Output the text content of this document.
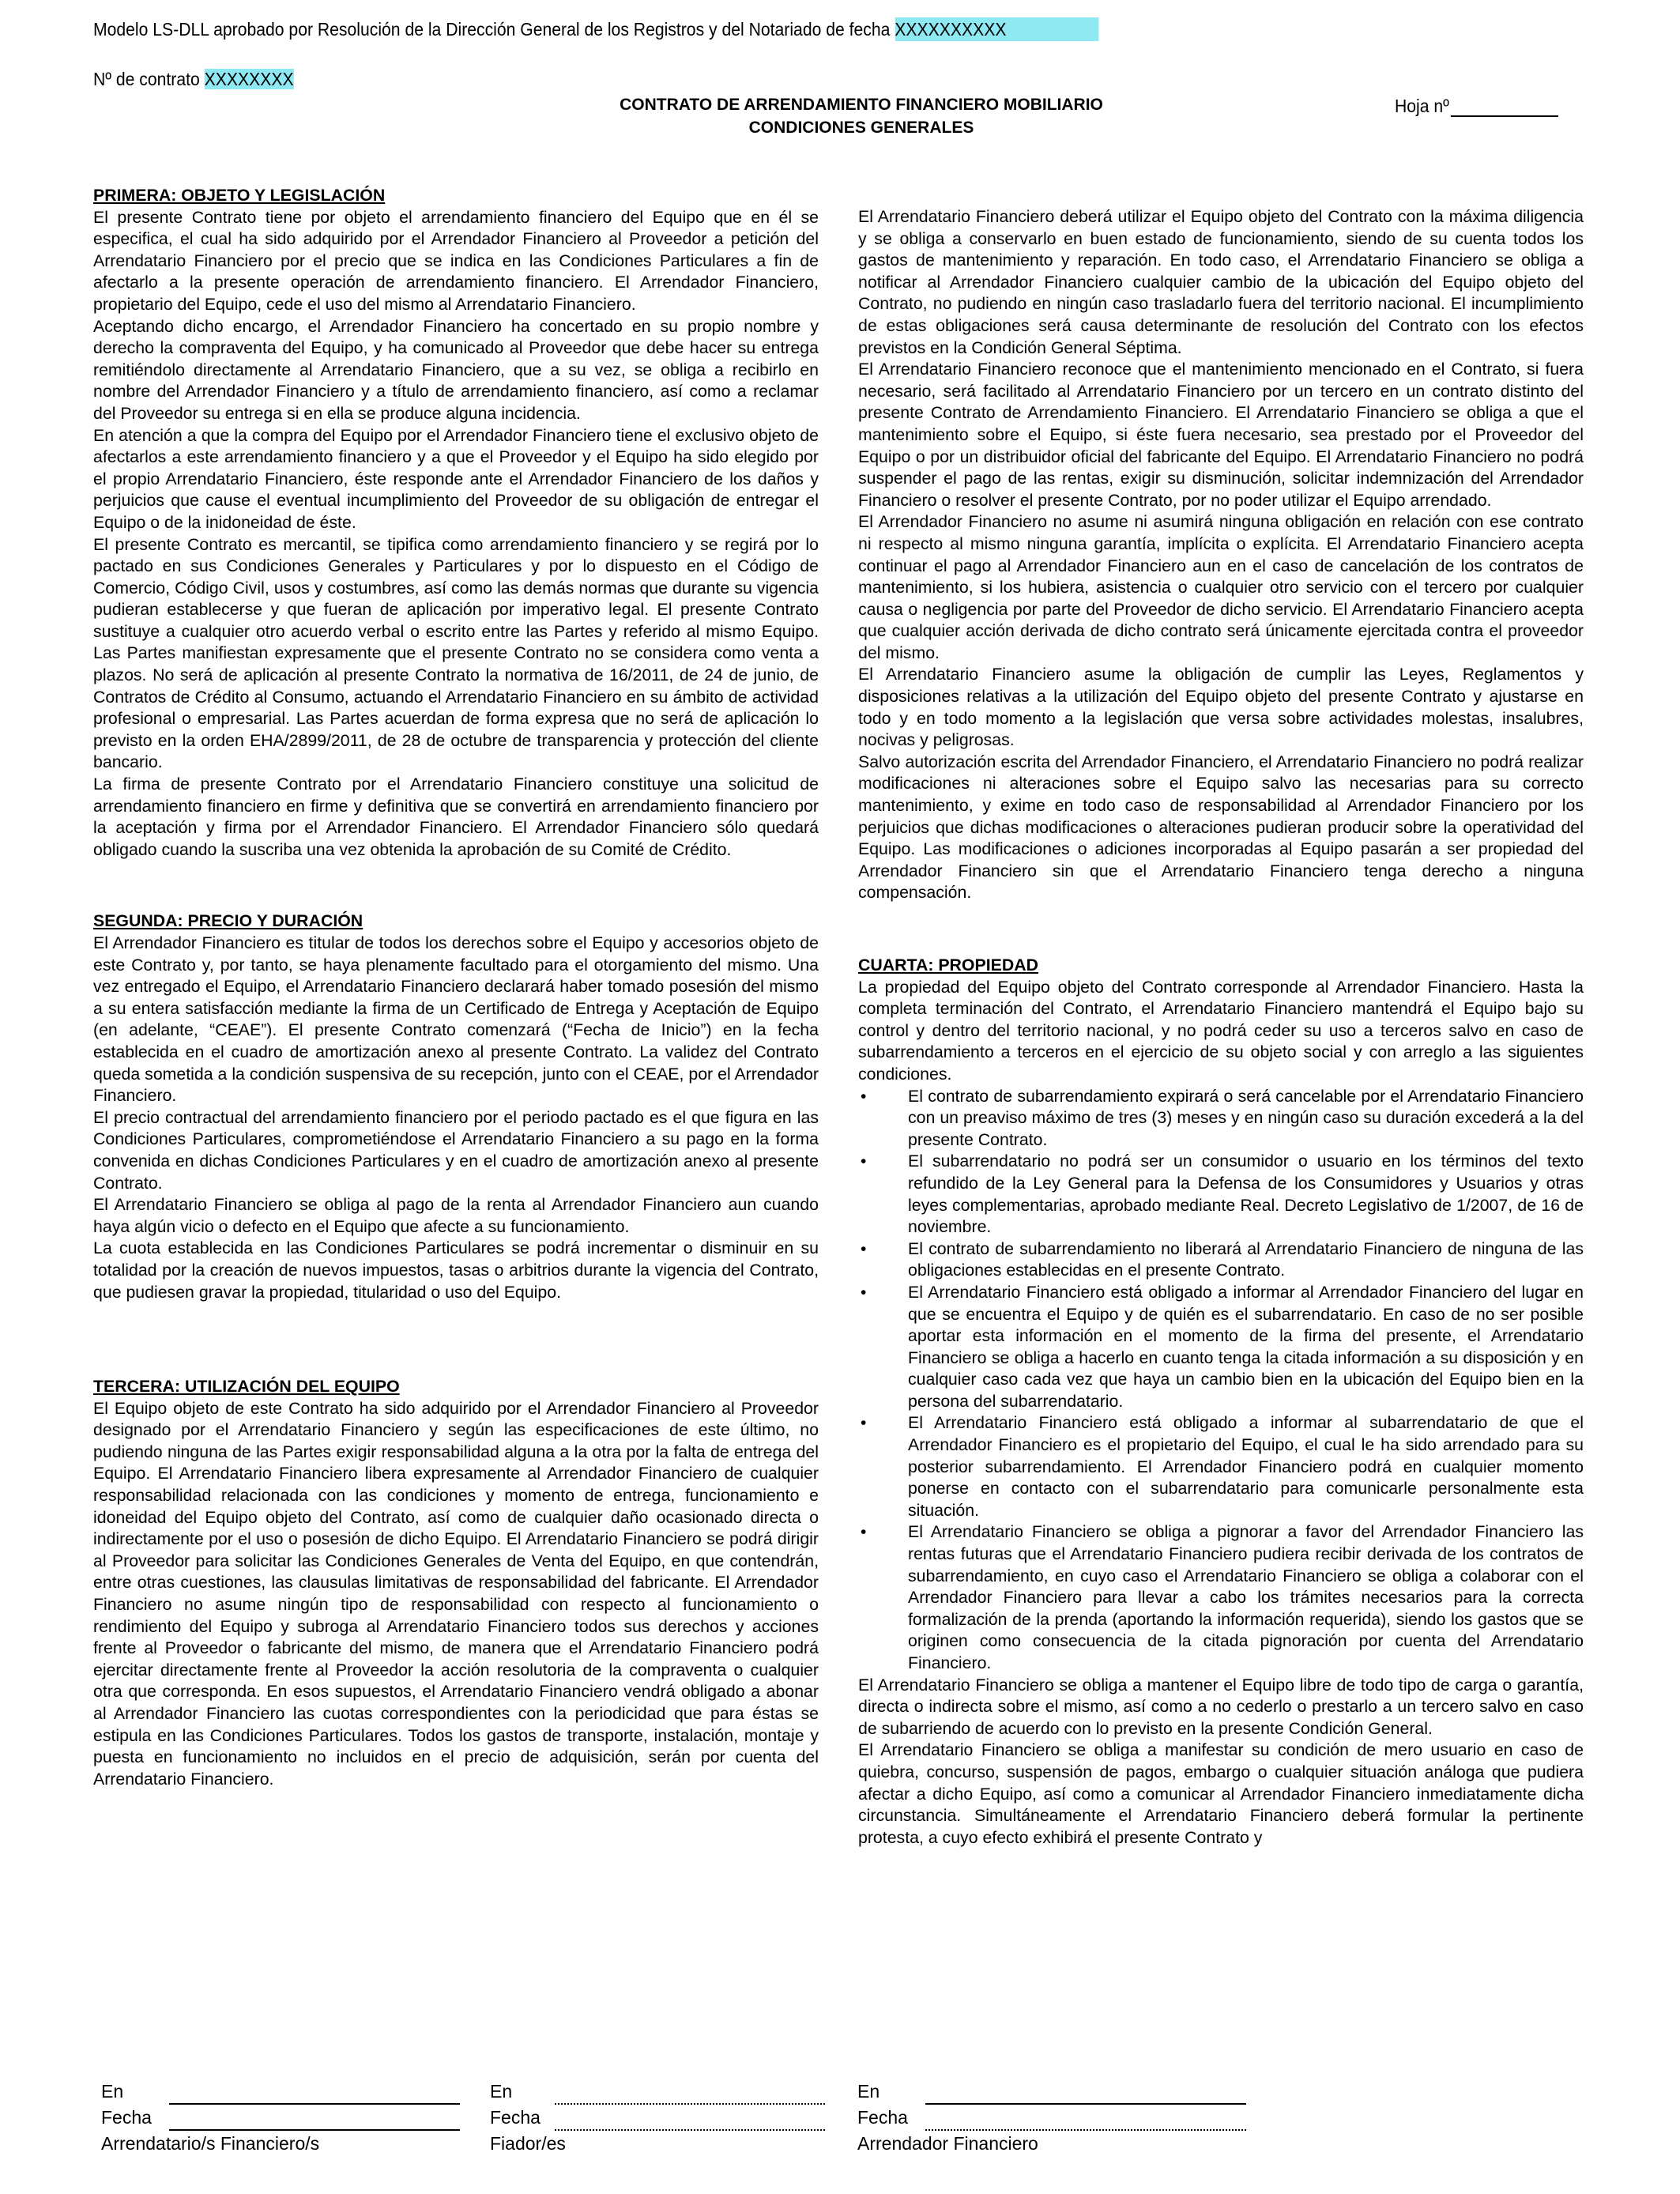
Modelo LS-DLL aprobado por Resolución de la Dirección General de los Registros y del Notariado de fecha XXXXXXXXXX
Nº de contrato XXXXXXXX
CONTRATO DE ARRENDAMIENTO FINANCIERO MOBILIARIO
CONDICIONES GENERALES
Hoja nº
PRIMERA: OBJETO Y LEGISLACIÓN

El presente Contrato tiene por objeto el arrendamiento financiero del Equipo que en él se especifica, el cual ha sido adquirido por el Arrendador Financiero al Proveedor a petición del Arrendatario Financiero por el precio que se indica en las Condiciones Particulares a fin de afectarlo a la presente operación de arrendamiento financiero. El Arrendador Financiero, propietario del Equipo, cede el uso del mismo al Arrendatario Financiero.

Aceptando dicho encargo, el Arrendador Financiero ha concertado en su propio nombre y derecho la compraventa del Equipo, y ha comunicado al Proveedor que debe hacer su entrega remitiéndolo directamente al Arrendatario Financiero, que a su vez, se obliga a recibirlo en nombre del Arrendador Financiero y a título de arrendamiento financiero, así como a reclamar del Proveedor su entrega si en ella se produce alguna incidencia.

En atención a que la compra del Equipo por el Arrendador Financiero tiene el exclusivo objeto de afectarlos a este arrendamiento financiero y a que el Proveedor y el Equipo ha sido elegido por el propio Arrendatario Financiero, éste responde ante el Arrendador Financiero de los daños y perjuicios que cause el eventual incumplimiento del Proveedor de su obligación de entregar el Equipo o de la inidoneidad de éste.

El presente Contrato es mercantil, se tipifica como arrendamiento financiero y se regirá por lo pactado en sus Condiciones Generales y Particulares y por lo dispuesto en el Código de Comercio, Código Civil, usos y costumbres, así como las demás normas que durante su vigencia pudieran establecerse y que fueran de aplicación por imperativo legal. El presente Contrato sustituye a cualquier otro acuerdo verbal o escrito entre las Partes y referido al mismo Equipo. Las Partes manifiestan expresamente que el presente Contrato no se considera como venta a plazos. No será de aplicación al presente Contrato la normativa de 16/2011, de 24 de junio, de Contratos de Crédito al Consumo, actuando el Arrendatario Financiero en su ámbito de actividad profesional o empresarial. Las Partes acuerdan de forma expresa que no será de aplicación lo previsto en la orden EHA/2899/2011, de 28 de octubre de transparencia y protección del cliente bancario.

La firma de presente Contrato por el Arrendatario Financiero constituye una solicitud de arrendamiento financiero en firme y definitiva que se convertirá en arrendamiento financiero por la aceptación y firma por el Arrendador Financiero. El Arrendador Financiero sólo quedará obligado cuando la suscriba una vez obtenida la aprobación de su Comité de Crédito.

SEGUNDA: PRECIO Y DURACIÓN

El Arrendador Financiero es titular de todos los derechos sobre el Equipo y accesorios objeto de este Contrato y, por tanto, se haya plenamente facultado para el otorgamiento del mismo. Una vez entregado el Equipo, el Arrendatario Financiero declarará haber tomado posesión del mismo a su entera satisfacción mediante la firma de un Certificado de Entrega y Aceptación de Equipo (en adelante, “CEAE”). El presente Contrato comenzará (“Fecha de Inicio”) en la fecha establecida en el cuadro de amortización anexo al presente Contrato. La validez del Contrato queda sometida a la condición suspensiva de su recepción, junto con el CEAE, por el Arrendador Financiero.

El precio contractual del arrendamiento financiero por el periodo pactado es el que figura en las Condiciones Particulares, comprometiéndose el Arrendatario Financiero a su pago en la forma convenida en dichas Condiciones Particulares y en el cuadro de amortización anexo al presente Contrato.

El Arrendatario Financiero se obliga al pago de la renta al Arrendador Financiero aun cuando haya algún vicio o defecto en el Equipo que afecte a su funcionamiento.

La cuota establecida en las Condiciones Particulares se podrá incrementar o disminuir en su totalidad por la creación de nuevos impuestos, tasas o arbitrios durante la vigencia del Contrato, que pudiesen gravar la propiedad, titularidad o uso del Equipo.

TERCERA: UTILIZACIÓN DEL EQUIPO

El Equipo objeto de este Contrato ha sido adquirido por el Arrendador Financiero al Proveedor designado por el Arrendatario Financiero y según las especificaciones de este último, no pudiendo ninguna de las Partes exigir responsabilidad alguna a la otra por la falta de entrega del Equipo. El Arrendatario Financiero libera expresamente al Arrendador Financiero de cualquier responsabilidad relacionada con las condiciones y momento de entrega, funcionamiento e idoneidad del Equipo objeto del Contrato, así como de cualquier daño ocasionado directa o indirectamente por el uso o posesión de dicho Equipo. El Arrendatario Financiero se podrá dirigir al Proveedor para solicitar las Condiciones Generales de Venta del Equipo, en que contendrán, entre otras cuestiones, las clausulas limitativas de responsabilidad del fabricante. El Arrendador Financiero no asume ningún tipo de responsabilidad con respecto al funcionamiento o rendimiento del Equipo y subroga al Arrendatario Financiero todos sus derechos y acciones frente al Proveedor o fabricante del mismo, de manera que el Arrendatario Financiero podrá ejercitar directamente frente al Proveedor la acción resolutoria de la compraventa o cualquier otra que corresponda. En esos supuestos, el Arrendatario Financiero vendrá obligado a abonar al Arrendador Financiero las cuotas correspondientes con la periodicidad que para éstas se estipula en las Condiciones Particulares. Todos los gastos de transporte, instalación, montaje y puesta en funcionamiento no incluidos en el precio de adquisición, serán por cuenta del Arrendatario Financiero.

El Arrendatario Financiero deberá utilizar el Equipo objeto del Contrato con la máxima diligencia y se obliga a conservarlo en buen estado de funcionamiento, siendo de su cuenta todos los gastos de mantenimiento y reparación. En todo caso, el Arrendatario Financiero se obliga a notificar al Arrendador Financiero cualquier cambio de la ubicación del Equipo objeto del Contrato, no pudiendo en ningún caso trasladarlo fuera del territorio nacional. El incumplimiento de estas obligaciones será causa determinante de resolución del Contrato con los efectos previstos en la Condición General Séptima.

El Arrendatario Financiero reconoce que el mantenimiento mencionado en el Contrato, si fuera necesario, será facilitado al Arrendatario Financiero por un tercero en un contrato distinto del presente Contrato de Arrendamiento Financiero. El Arrendatario Financiero se obliga a que el mantenimiento sobre el Equipo, si éste fuera necesario, sea prestado por el Proveedor del Equipo o por un distribuidor oficial del fabricante del Equipo. El Arrendatario Financiero no podrá suspender el pago de las rentas, exigir su disminución, solicitar indemnización del Arrendador Financiero o resolver el presente Contrato, por no poder utilizar el Equipo arrendado.

El Arrendador Financiero no asume ni asumirá ninguna obligación en relación con ese contrato ni respecto al mismo ninguna garantía, implícita o explícita. El Arrendatario Financiero acepta continuar el pago al Arrendador Financiero aun en el caso de cancelación de los contratos de mantenimiento, si los hubiera, asistencia o cualquier otro servicio con el tercero por cualquier causa o negligencia por parte del Proveedor de dicho servicio. El Arrendatario Financiero acepta que cualquier acción derivada de dicho contrato será únicamente ejercitada contra el proveedor del mismo.

El Arrendatario Financiero asume la obligación de cumplir las Leyes, Reglamentos y disposiciones relativas a la utilización del Equipo objeto del presente Contrato y ajustarse en todo y en todo momento a la legislación que versa sobre actividades molestas, insalubres, nocivas y peligrosas.

Salvo autorización escrita del Arrendador Financiero, el Arrendatario Financiero no podrá realizar modificaciones ni alteraciones sobre el Equipo salvo las necesarias para su correcto mantenimiento, y exime en todo caso de responsabilidad al Arrendador Financiero por los perjuicios que dichas modificaciones o alteraciones pudieran producir sobre la operatividad del Equipo. Las modificaciones o adiciones incorporadas al Equipo pasarán a ser propiedad del Arrendador Financiero sin que el Arrendatario Financiero tenga derecho a ninguna compensación.

CUARTA: PROPIEDAD

La propiedad del Equipo objeto del Contrato corresponde al Arrendador Financiero. Hasta la completa terminación del Contrato, el Arrendatario Financiero mantendrá el Equipo bajo su control y dentro del territorio nacional, y no podrá ceder su uso a terceros salvo en caso de subarrendamiento a terceros en el ejercicio de su objeto social y con arreglo a las siguientes condiciones.

• El contrato de subarrendamiento expirará o será cancelable por el Arrendatario Financiero con un preaviso máximo de tres (3) meses y en ningún caso su duración excederá a la del presente Contrato.
• El subarrendatario no podrá ser un consumidor o usuario en los términos del texto refundido de la Ley General para la Defensa de los Consumidores y Usuarios y otras leyes complementarias, aprobado mediante Real. Decreto Legislativo de 1/2007, de 16 de noviembre.
• El contrato de subarrendamiento no liberará al Arrendatario Financiero de ninguna de las obligaciones establecidas en el presente Contrato.
• El Arrendatario Financiero está obligado a informar al Arrendador Financiero del lugar en que se encuentra el Equipo y de quién es el subarrendatario. En caso de no ser posible aportar esta información en el momento de la firma del presente, el Arrendatario Financiero se obliga a hacerlo en cuanto tenga la citada información a su disposición y en cualquier caso cada vez que haya un cambio bien en la ubicación del Equipo bien en la persona del subarrendatario.
• El Arrendatario Financiero está obligado a informar al subarrendatario de que el Arrendador Financiero es el propietario del Equipo, el cual le ha sido arrendado para su posterior subarrendamiento. El Arrendador Financiero podrá en cualquier momento ponerse en contacto con el subarrendatario para comunicarle personalmente esta situación.
• El Arrendatario Financiero se obliga a pignorar a favor del Arrendador Financiero las rentas futuras que el Arrendatario Financiero pudiera recibir derivada de los contratos de subarrendamiento, en cuyo caso el Arrendatario Financiero se obliga a colaborar con el Arrendador Financiero para llevar a cabo los trámites necesarios para la correcta formalización de la prenda (aportando la información requerida), siendo los gastos que se originen como consecuencia de la citada pignoración por cuenta del Arrendatario Financiero.

El Arrendatario Financiero se obliga a mantener el Equipo libre de todo tipo de carga o garantía, directa o indirecta sobre el mismo, así como a no cederlo o prestarlo a un tercero salvo en caso de subarriendo de acuerdo con lo previsto en la presente Condición General.

El Arrendatario Financiero se obliga a manifestar su condición de mero usuario en caso de quiebra, concurso, suspensión de pagos, embargo o cualquier situación análoga que pudiera afectar a dicho Equipo, así como a comunicar al Arrendador Financiero inmediatamente dicha circunstancia. Simultáneamente el Arrendatario Financiero deberá formular la pertinente protesta, a cuyo efecto exhibirá el presente Contrato y

En
Fecha
Arrendatario/s Financiero/s
En
Fecha
Fiador/es
En
Fecha
Arrendador Financiero
